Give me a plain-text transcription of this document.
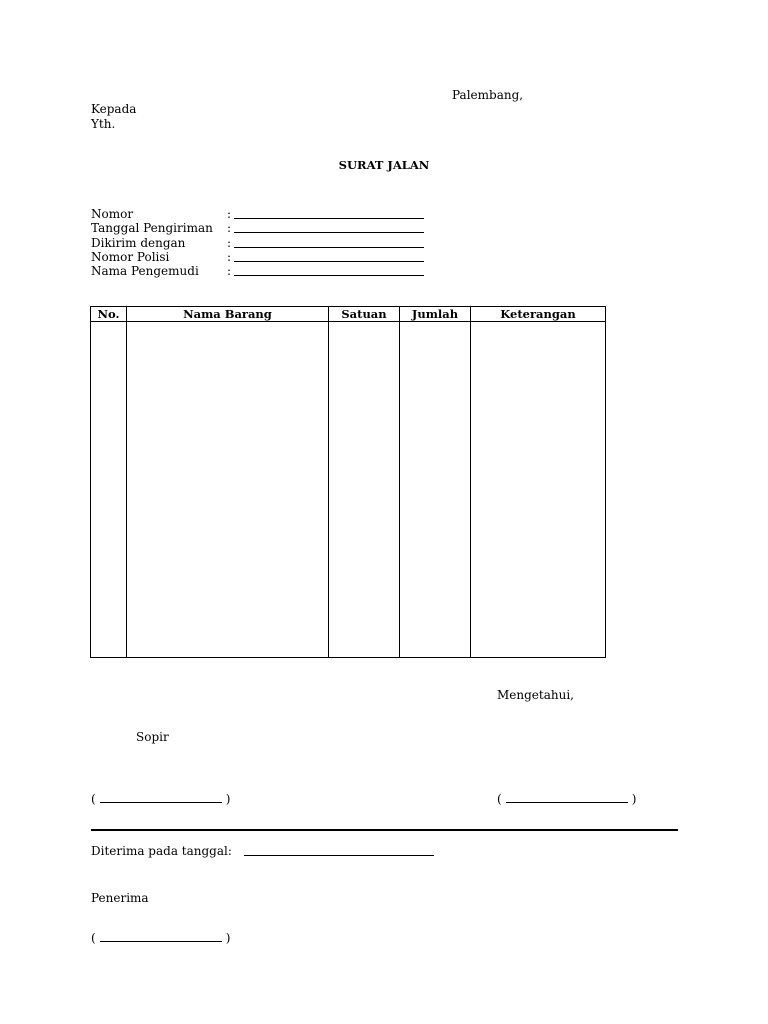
Palembang,
Kepada
Yth.
SURAT JALAN
Nomor	:
Tanggal Pengiriman :
Dikirim dengan	:
Nomor Polisi	:
Nama Pengemudi :
No.	Nama Barang	Satuan	Jumlah	Keterangan

Mengetahui,
Sopir
(	)	(	)
Diterima pada tanggal:
Penerima
(	)
